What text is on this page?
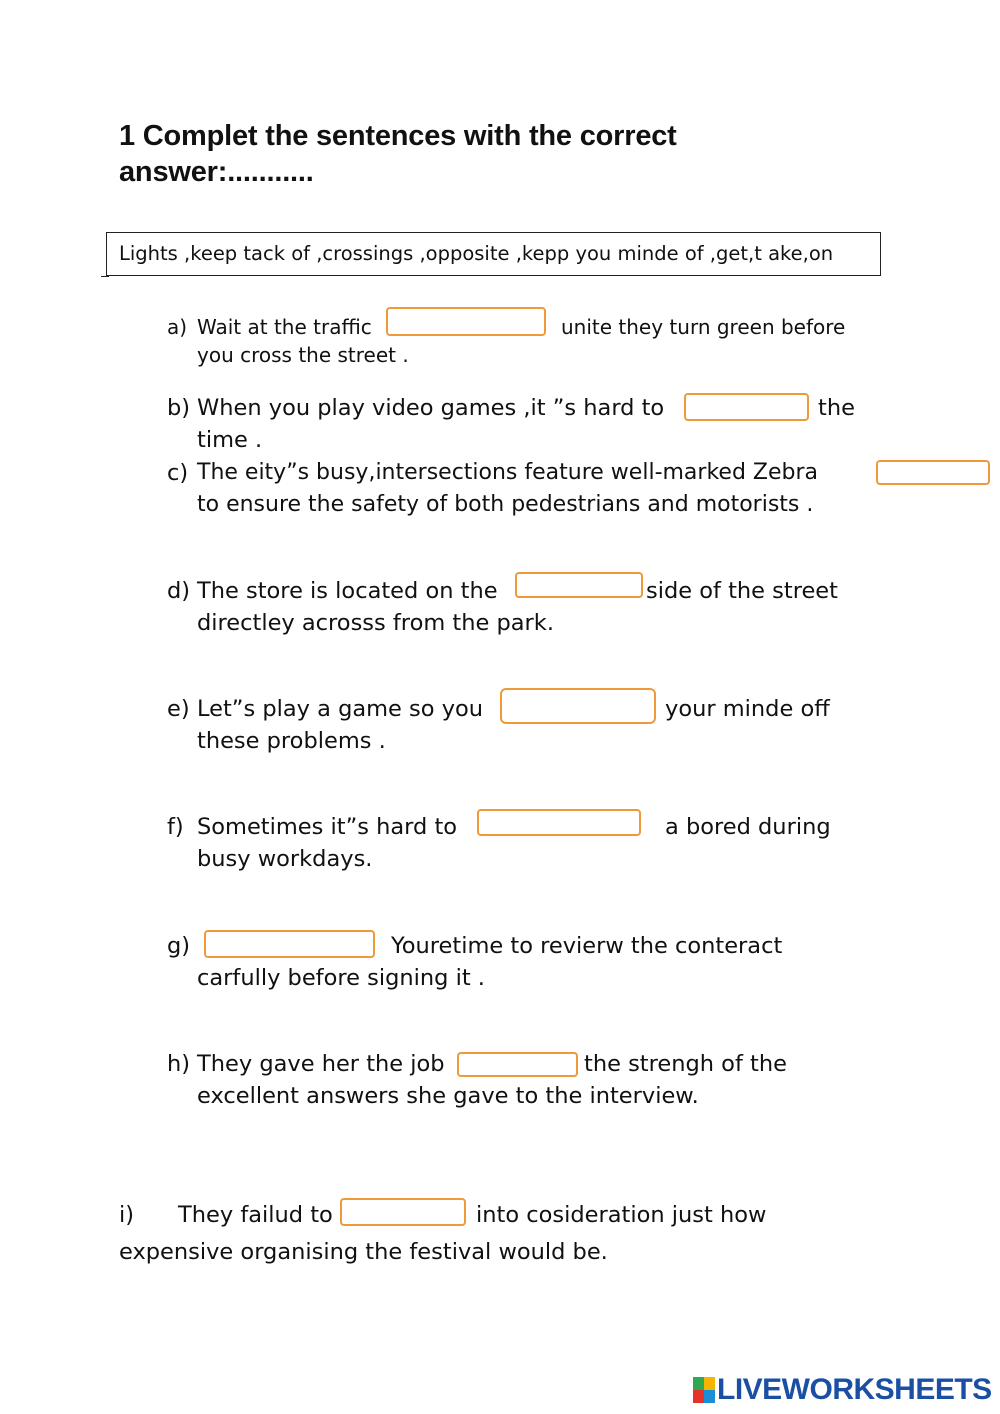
1 Complet the sentences with the correct
answer:...........
Lights ,keep tack of ,crossings ,opposite ,kepp you minde of ,get,t ake,on
a) Wait at the traffic	unite they turn green before
you cross the street .
b) When you play video games ,it ”s hard to	the
time .
c) The eity”s busy,intersections feature well-marked Zebra
to ensure the safety of both pedestrians and motorists .
d) The store is located on the	side of the street
directley acrosss from the park.
e) Let”s play a game so you	your minde off
these problems .
f) Sometimes it”s hard to	a bored during
busy workdays.
g)	Youretime to revierw the conteract
carfully before signing it .
h) They gave her the job	the strengh of the
excellent answers she gave to the interview.
i) They failud to	into cosideration just how
expensive organising the festival would be.
LIVEWORKSHEETS
